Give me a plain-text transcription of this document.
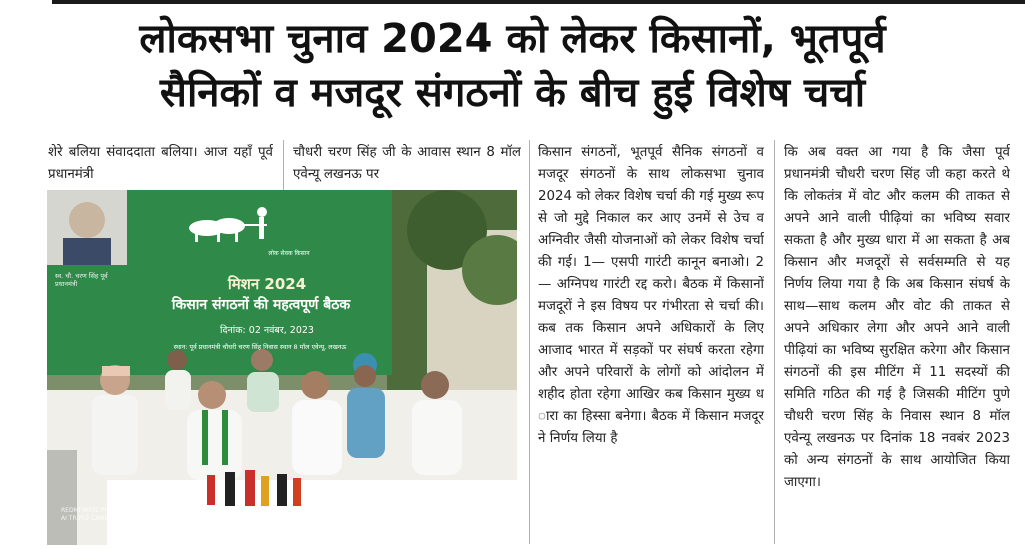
लोकसभा चुनाव 2024 को लेकर किसानों, भूतपूर्व
सैनिकों व मजदूर संगठनों के बीच हुई विशेष चर्चा
शेरे बलिया संवाददाता बलिया। आज यहाँ पूर्व प्रधानमंत्री
चौधरी चरण सिंह जी के आवास स्थान 8 मॉल एवेन्यू लखनऊ पर
किसान संगठनों, भूतपूर्व सैनिक संगठनों व मजदूर संगठनों के साथ लोकसभा चुनाव 2024 को लेकर विशेष चर्चा की गई मुख्य रूप से जो मुद्दे निकाल कर आए उनमें से उेच व अग्निवीर जैसी योजनाओं को लेकर विशेष चर्चा की गई। 1— एसपी गारंटी कानून बनाओ। 2— अग्निपथ गारंटी रद्द करो। बैठक में किसानों मजदूरों ने इस विषय पर गंभीरता से चर्चा की। कब तक किसान अपने अधिकारों के लिए आजाद भारत में सड़कों पर संघर्ष करता रहेगा और अपने परिवारों के लोगों को आंदोलन में शहीद होता रहेगा आखिर कब किसान मुख्य ध ारा का हिस्सा बनेगा। बैठक में किसान मजदूर ने निर्णय लिया है
कि अब वक्त आ गया है कि जैसा पूर्व प्रधानमंत्री चौधरी चरण सिंह जी कहा करते थे कि लोकतंत्र में वोट और कलम की ताकत से अपने आने वाली पीढ़ियां का भविष्य सवार सकता है और मुख्य धारा में आ सकता है अब किसान और मजदूरों से सर्वसम्मति से यह निर्णय लिया गया है कि अब किसान संघर्ष के साथ—साथ कलम और वोट की ताकत से अपने अधिकार लेगा और अपने आने वाली पीढ़ियां का भविष्य सुरक्षित करेगा और किसान संगठनों की इस मीटिंग में 11 सदस्यों की समिति गठित की गई है जिसकी मीटिंग पुणे चौधरी चरण सिंह के निवास स्थान 8 मॉल एवेन्यू लखनऊ पर दिनांक 18 नवबंर 2023 को अन्य संगठनों के साथ आयोजित किया जाएगा।
स्व. चौ. चरण सिंह पूर्व प्रधानमंत्री
लोक सेवक किसान
मिशन 2024
किसान संगठनों की महत्वपूर्ण बैठक
दिनांक: 02 नवंबर, 2023
स्थान: पूर्व प्रधानमंत्री चौधरी चरण सिंह निवास स्थान 8 मॉल एवेन्यू, लखनऊ
REDMI NOTE PRO
AI TRIPLE CAMERA
